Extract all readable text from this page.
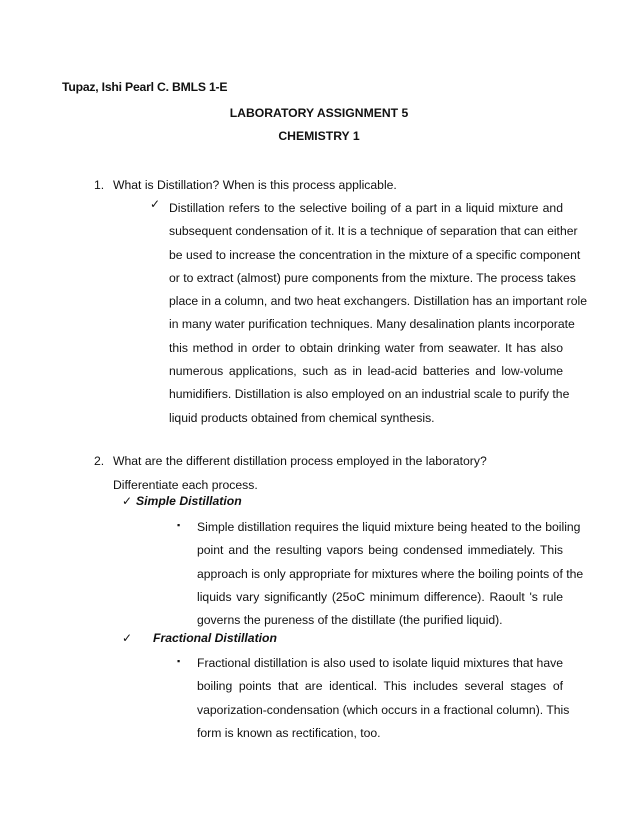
Tupaz, Ishi Pearl C. BMLS 1-E
LABORATORY ASSIGNMENT 5
CHEMISTRY 1
1. What is Distillation? When is this process applicable.
✓ Distillation refers to the selective boiling of a part in a liquid mixture and
subsequent condensation of it. It is a technique of separation that can either
be used to increase the concentration in the mixture of a specific component
or to extract (almost) pure components from the mixture. The process takes
place in a column, and two heat exchangers. Distillation has an important role
in many water purification techniques. Many desalination plants incorporate
this method in order to obtain drinking water from seawater. It has also
numerous applications, such as in lead-acid batteries and low-volume
humidifiers. Distillation is also employed on an industrial scale to purify the
liquid products obtained from chemical synthesis.
2. What are the different distillation process employed in the laboratory?
Differentiate each process.
✓ Simple Distillation
▪ Simple distillation requires the liquid mixture being heated to the boiling
point and the resulting vapors being condensed immediately. This
approach is only appropriate for mixtures where the boiling points of the
liquids vary significantly (25oC minimum difference). Raoult 's rule
governs the pureness of the distillate (the purified liquid).
✓ Fractional Distillation
▪ Fractional distillation is also used to isolate liquid mixtures that have
boiling points that are identical. This includes several stages of
vaporization-condensation (which occurs in a fractional column). This
form is known as rectification, too.
